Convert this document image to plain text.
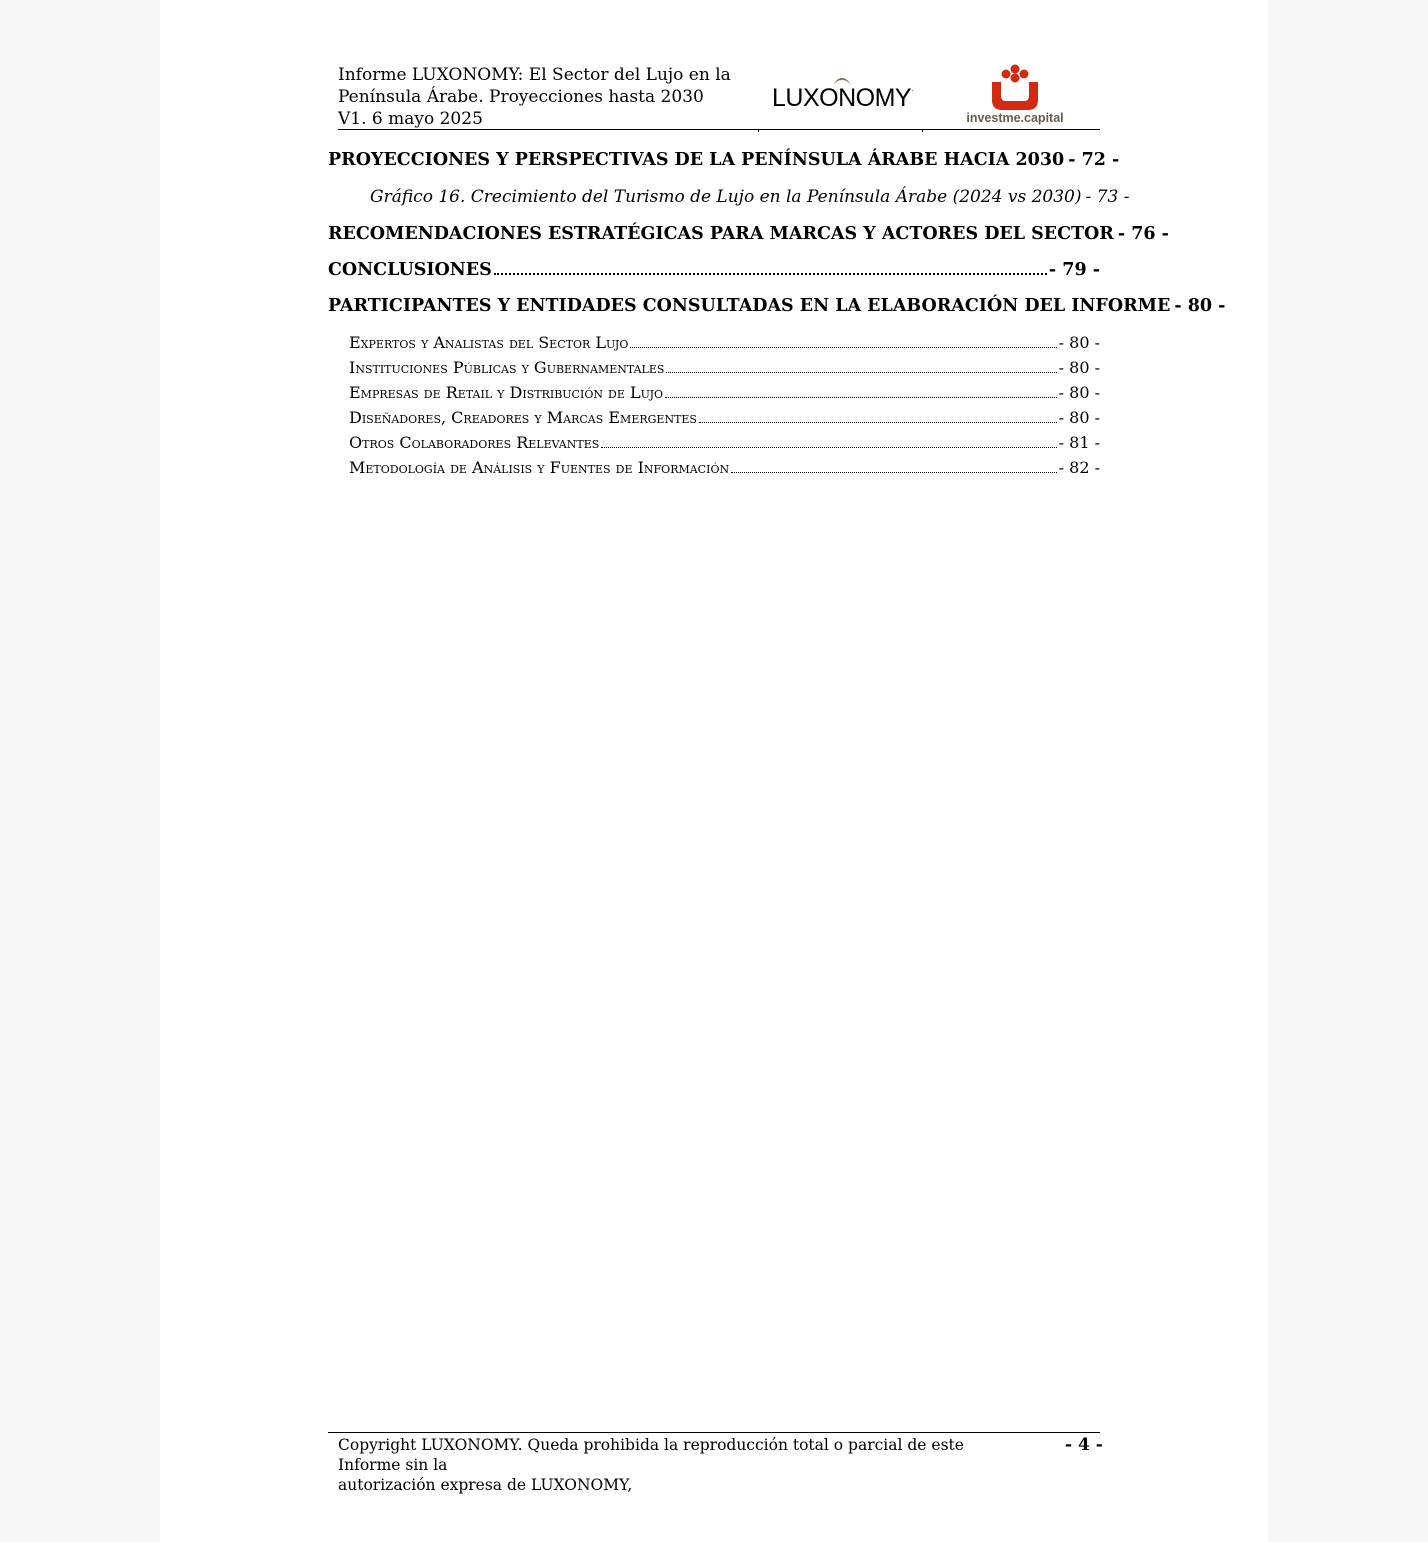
Informe LUXONOMY: El Sector del Lujo en la
Península Árabe. Proyecciones hasta 2030
V1. 6 mayo 2025
LUXONOMY.
investme.capital
PROYECCIONES Y PERSPECTIVAS DE LA PENÍNSULA ÁRABE HACIA 2030 - 72 -
Gráfico 16. Crecimiento del Turismo de Lujo en la Península Árabe (2024 vs 2030) - 73 -
RECOMENDACIONES ESTRATÉGICAS PARA MARCAS Y ACTORES DEL SECTOR - 76 -
CONCLUSIONES	- 79 -
PARTICIPANTES Y ENTIDADES CONSULTADAS EN LA ELABORACIÓN DEL INFORME - 80 -
Expertos y Analistas del Sector Lujo	- 80 -
Instituciones Públicas y Gubernamentales	- 80 -
Empresas de Retail y Distribución de Lujo	- 80 -
Diseñadores, Creadores y Marcas Emergentes	- 80 -
Otros Colaboradores Relevantes	- 81 -
Metodología de Análisis y Fuentes de Información	- 82 -
Copyright LUXONOMY. Queda prohibida la reproducción total o parcial de este Informe sin la
autorización expresa de LUXONOMY,
- 4 -
